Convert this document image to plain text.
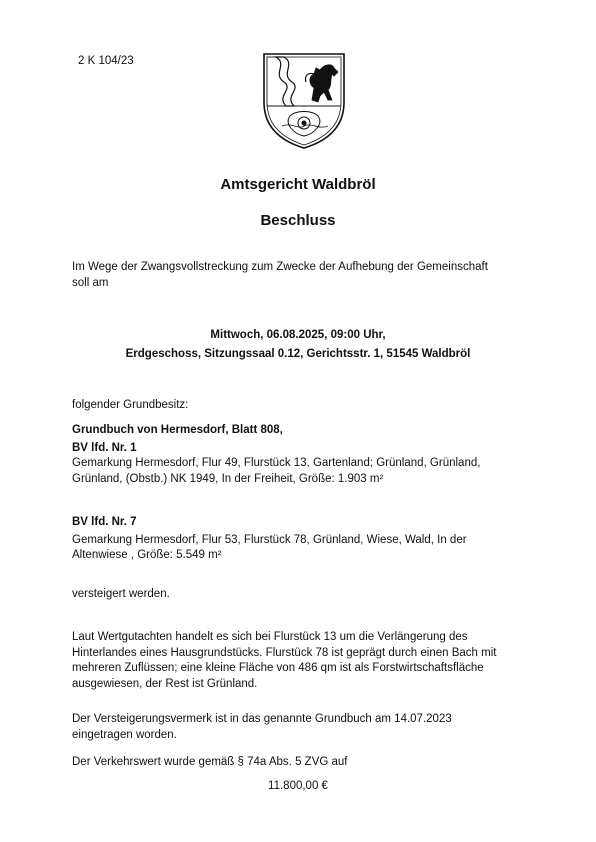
2 K 104/23
Amtsgericht Waldbröl
Beschluss
Im Wege der Zwangsvollstreckung zum Zwecke der Aufhebung der Gemeinschaft
soll am
Mittwoch, 06.08.2025, 09:00 Uhr,
Erdgeschoss, Sitzungssaal 0.12, Gerichtsstr. 1, 51545 Waldbröl
folgender Grundbesitz:
Grundbuch von Hermesdorf, Blatt 808,
BV lfd. Nr. 1
Gemarkung Hermesdorf, Flur 49, Flurstück 13, Gartenland; Grünland, Grünland,
Grünland, (Obstb.) NK 1949, In der Freiheit, Größe: 1.903 m²
BV lfd. Nr. 7
Gemarkung Hermesdorf, Flur 53, Flurstück 78, Grünland, Wiese, Wald, In der
Altenwiese , Größe: 5.549 m²
versteigert werden.
Laut Wertgutachten handelt es sich bei Flurstück 13 um die Verlängerung des
Hinterlandes eines Hausgrundstücks. Flurstück 78 ist geprägt durch einen Bach mit
mehreren Zuflüssen; eine kleine Fläche von 486 qm ist als Forstwirtschaftsfläche
ausgewiesen, der Rest ist Grünland.
Der Versteigerungsvermerk ist in das genannte Grundbuch am 14.07.2023
eingetragen worden.
Der Verkehrswert wurde gemäß § 74a Abs. 5 ZVG auf
11.800,00 €
